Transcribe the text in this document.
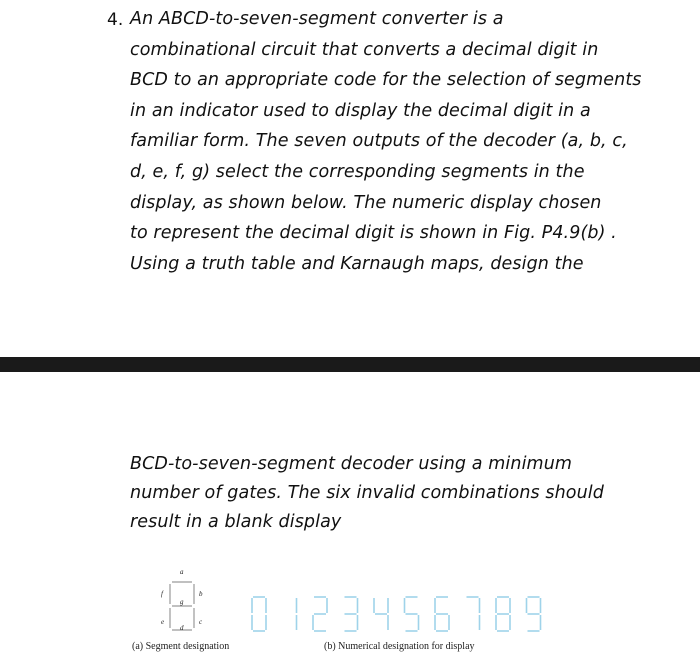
4. An ABCD-to-seven-segment converter is a
combinational circuit that converts a decimal digit in
BCD to an appropriate code for the selection of segments
in an indicator used to display the decimal digit in a
familiar form. The seven outputs of the decoder (a, b, c,
d, e, f, g) select the corresponding segments in the
display, as shown below. The numeric display chosen
to represent the decimal digit is shown in Fig. P4.9(b) .
Using a truth table and Karnaugh maps, design the
BCD-to-seven-segment decoder using a minimum
number of gates. The six invalid combinations should
result in a blank display
a
b
c
d
e
f
g
(a) Segment designation	(b) Numerical designation for display
